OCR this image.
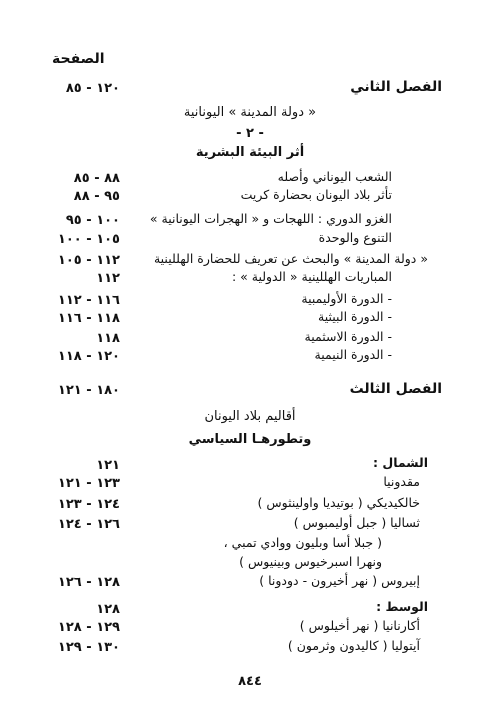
الصفحة
الفصل الثاني
١٢٠ - ٨٥
« دولة المدينة » اليونانية
- ٢ -
أثر البيئة البشرية
الشعب اليوناني وأصله
٨٨ - ٨٥
تأثر بلاد اليونان بحضارة كريت
٩٥ - ٨٨
الغزو الدوري : اللهجات و « الهجرات اليونانية »
١٠٠ - ٩٥
التنوع والوحدة
١٠٥ - ١٠٠
« دولة المدينة » والبحث عن تعريف للحضارة الهللينية
١١٢ - ١٠٥
المباريات الهللينية « الدولية » :
١١٢
- الدورة الأوليمبية
١١٦ - ١١٢
- الدورة البيثية
١١٨ - ١١٦
- الدورة الاسثمية
١١٨
- الدورة النيمية
١٢٠ - ١١٨
الفصل الثالث
١٨٠ - ١٢١
أقاليم بلاد اليونان
وتطورهـا السياسي
الشمال :
١٢١
مقدونيا
١٢٣ - ١٢١
خالكيديكي ( بوتيديا واولينثوس )
١٢٤ - ١٢٣
ثساليا ( جبل أوليمبوس )
١٢٦ - ١٢٤
( جبلا أسا وبليون ووادي تمبي ،
ونهرا اسبرخيوس وبينيوس )
إبيروس ( نهر أخيرون - دودونا )
١٢٨ - ١٢٦
الوسط :
١٢٨
أكارنانيا ( نهر أخيلوس )
١٢٩ - ١٢٨
آيتوليا ( كاليدون وثرمون )
١٣٠ - ١٢٩
٨٤٤
